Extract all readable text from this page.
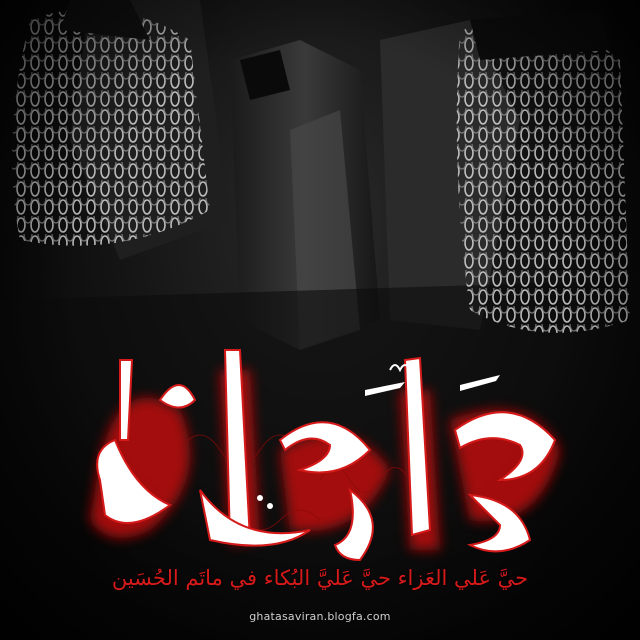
حيَّ عَلي العَزاء حيَّ عَليَّ البُكاء في ماتَم الحُسَين
ghatasaviran.blogfa.com
